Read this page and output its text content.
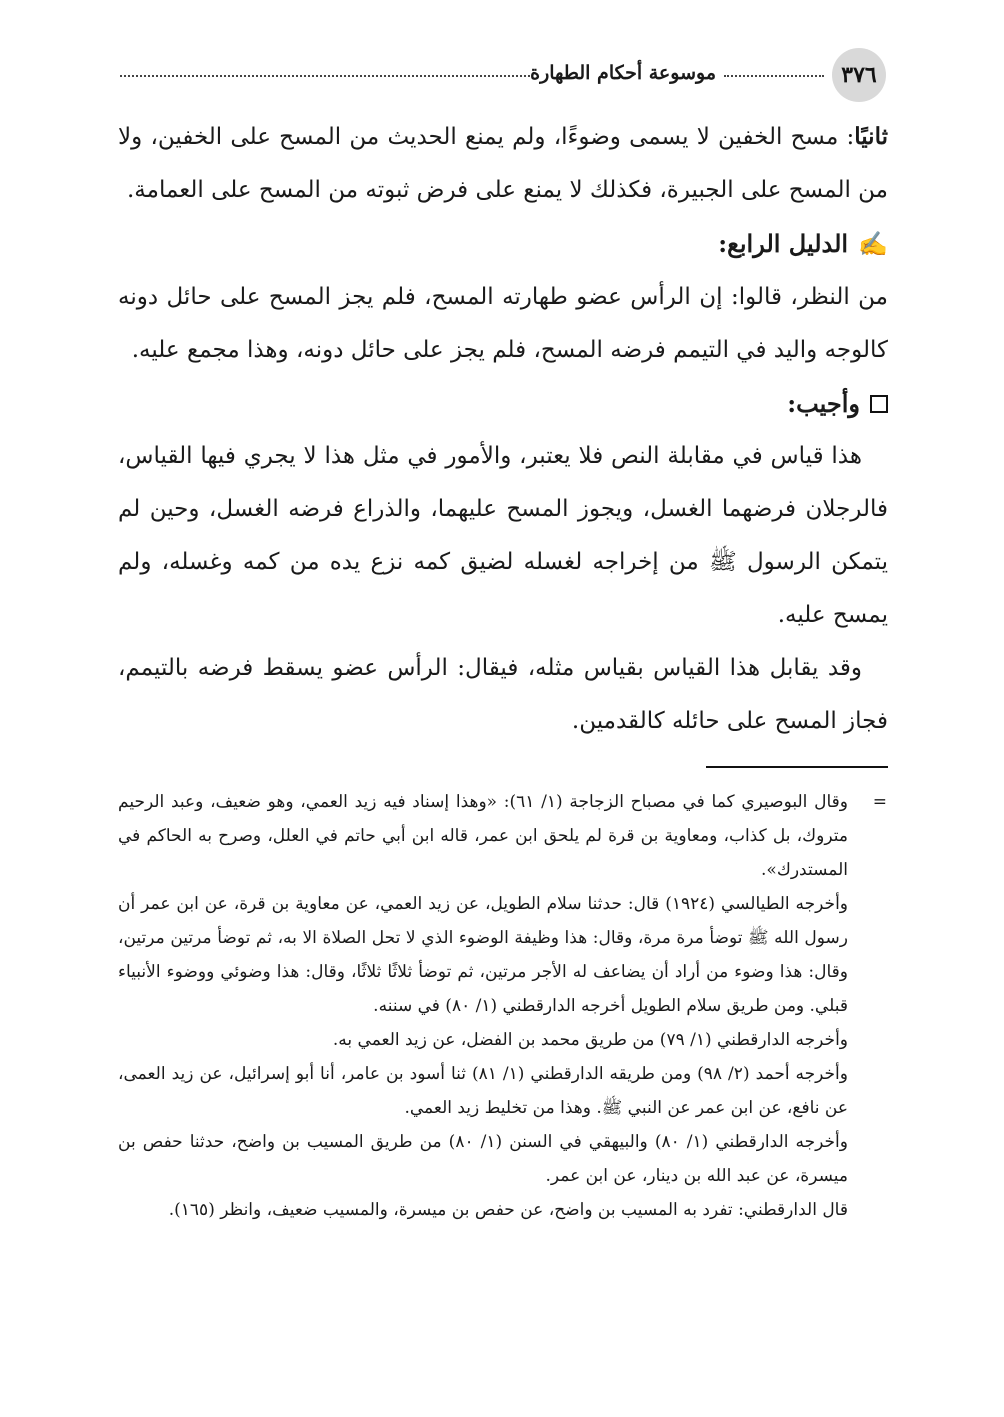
٣٧٦
موسوعة أحكام الطهارة

ثانيًا: مسح الخفين لا يسمى وضوءًا، ولم يمنع الحديث من المسح على الخفين، ولا من المسح على الجبيرة، فكذلك لا يمنع على فرض ثبوته من المسح على العمامة.

✍الدليل الرابع:

من النظر، قالوا: إن الرأس عضو طهارته المسح، فلم يجز المسح على حائل دونه كالوجه واليد في التيمم فرضه المسح، فلم يجز على حائل دونه، وهذا مجمع عليه.

وأجيب:

هذا قياس في مقابلة النص فلا يعتبر، والأمور في مثل هذا لا يجري فيها القياس، فالرجلان فرضهما الغسل، ويجوز المسح عليهما، والذراع فرضه الغسل، وحين لم يتمكن الرسول ﷺ من إخراجه لغسله لضيق كمه نزع يده من كمه وغسله، ولم يمسح عليه.

وقد يقابل هذا القياس بقياس مثله، فيقال: الرأس عضو يسقط فرضه بالتيمم، فجاز المسح على حائله كالقدمين.

=

وقال البوصيري كما في مصباح الزجاجة (١/ ٦١): «وهذا إسناد فيه زيد العمي، وهو ضعيف، وعبد الرحيم متروك، بل كذاب، ومعاوية بن قرة لم يلحق ابن عمر، قاله ابن أبي حاتم في العلل، وصرح به الحاكم في المستدرك».

وأخرجه الطيالسي (١٩٢٤) قال: حدثنا سلام الطويل، عن زيد العمي، عن معاوية بن قرة، عن ابن عمر أن رسول الله ﷺ توضأ مرة مرة، وقال: هذا وظيفة الوضوء الذي لا تحل الصلاة الا به، ثم توضأ مرتين مرتين، وقال: هذا وضوء من أراد أن يضاعف له الأجر مرتين، ثم توضأ ثلاثًا ثلاثًا، وقال: هذا وضوئي ووضوء الأنبياء قبلي. ومن طريق سلام الطويل أخرجه الدارقطني (١/ ٨٠) في سننه.

وأخرجه الدارقطني (١/ ٧٩) من طريق محمد بن الفضل، عن زيد العمي به.

وأخرجه أحمد (٢/ ٩٨) ومن طريقه الدارقطني (١/ ٨١) ثنا أسود بن عامر، أنا أبو إسرائيل، عن زيد العمى، عن نافع، عن ابن عمر عن النبي ﷺ. وهذا من تخليط زيد العمي.

وأخرجه الدارقطني (١/ ٨٠) والبيهقي في السنن (١/ ٨٠) من طريق المسيب بن واضح، حدثنا حفص بن ميسرة، عن عبد الله بن دينار، عن ابن عمر.

قال الدارقطني: تفرد به المسيب بن واضح، عن حفص بن ميسرة، والمسيب ضعيف، وانظر (١٦٥).
